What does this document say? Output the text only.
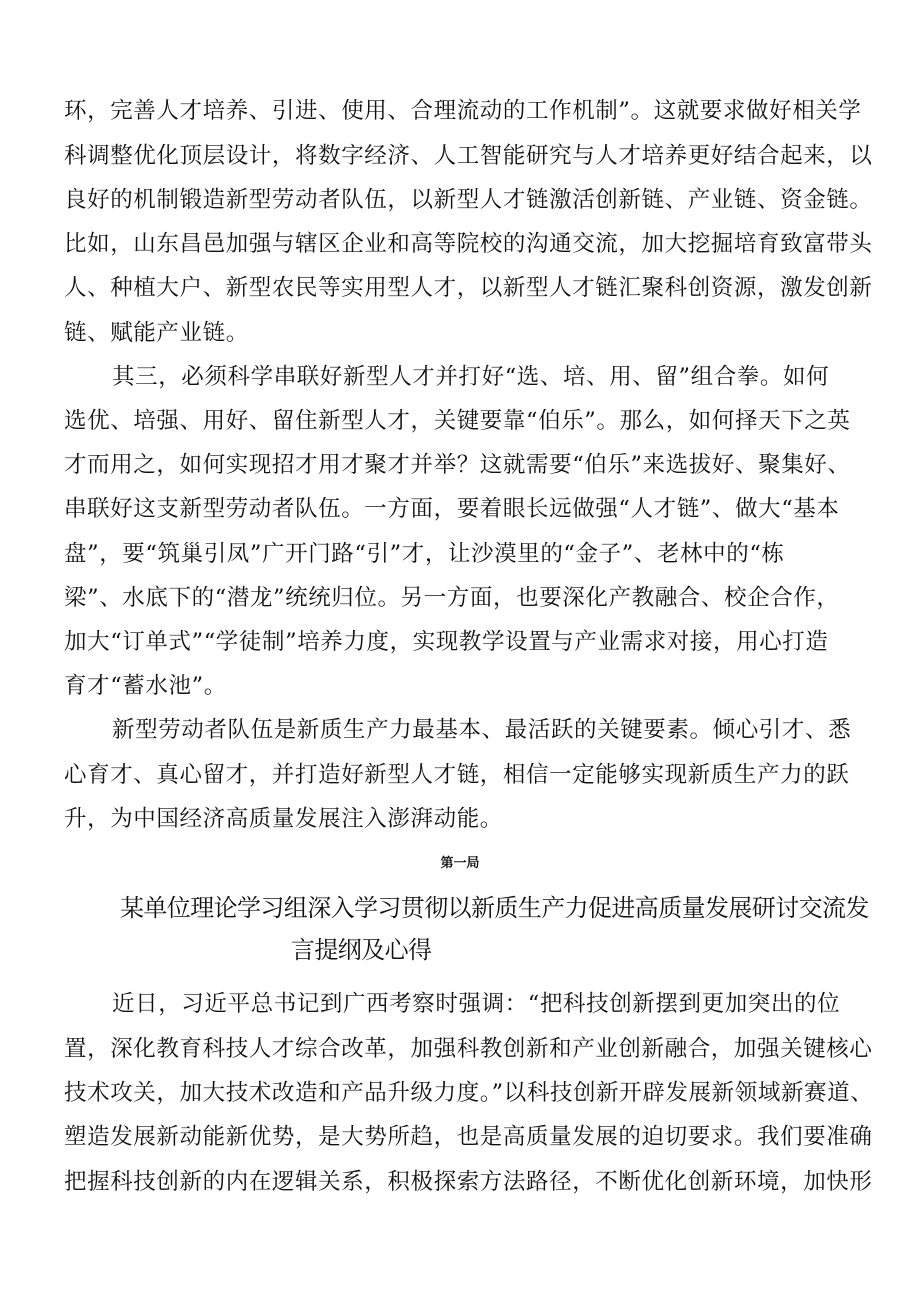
环，完善人才培养、引进、使用、合理流动的工作机制”。这就要求做好相关学
科调整优化顶层设计，将数字经济、人工智能研究与人才培养更好结合起来，以
良好的机制锻造新型劳动者队伍，以新型人才链激活创新链、产业链、资金链。
比如，山东昌邑加强与辖区企业和高等院校的沟通交流，加大挖掘培育致富带头
人、种植大户、新型农民等实用型人才，以新型人才链汇聚科创资源，激发创新
链、赋能产业链。
其三，必须科学串联好新型人才并打好“选、培、用、留”组合拳。如何
选优、培强、用好、留住新型人才，关键要靠“伯乐”。那么，如何择天下之英
才而用之，如何实现招才用才聚才并举？这就需要“伯乐”来选拔好、聚集好、
串联好这支新型劳动者队伍。一方面，要着眼长远做强“人才链”、做大“基本
盘”，要“筑巢引凤”广开门路“引”才，让沙漠里的“金子”、老林中的“栋
梁”、水底下的“潜龙”统统归位。另一方面，也要深化产教融合、校企合作，
加大“订单式”“学徒制”培养力度，实现教学设置与产业需求对接，用心打造
育才“蓄水池”。
新型劳动者队伍是新质生产力最基本、最活跃的关键要素。倾心引才、悉
心育才、真心留才，并打造好新型人才链，相信一定能够实现新质生产力的跃
升，为中国经济高质量发展注入澎湃动能。
第一局
某单位理论学习组深入学习贯彻以新质生产力促进高质量发展研讨交流发
言提纲及心得
近日，习近平总书记到广西考察时强调：“把科技创新摆到更加突出的位
置，深化教育科技人才综合改革，加强科教创新和产业创新融合，加强关键核心
技术攻关，加大技术改造和产品升级力度。”以科技创新开辟发展新领域新赛道、
塑造发展新动能新优势，是大势所趋，也是高质量发展的迫切要求。我们要准确
把握科技创新的内在逻辑关系，积极探索方法路径，不断优化创新环境，加快形
